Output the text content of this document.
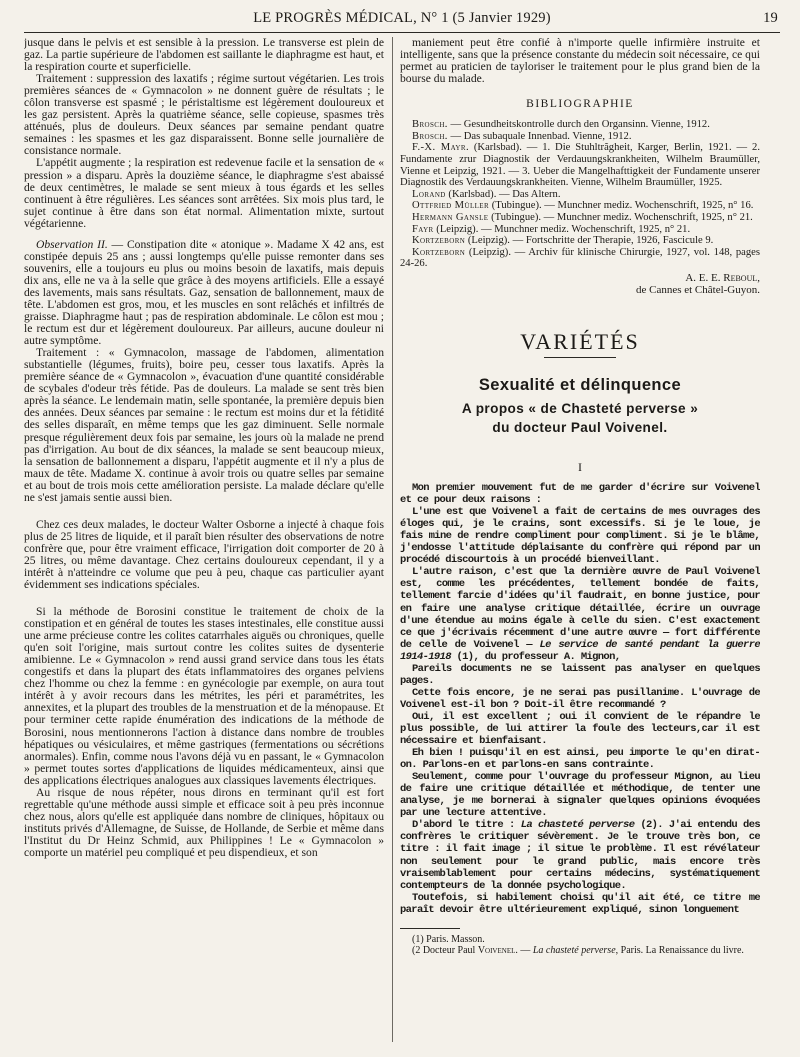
LE PROGRÈS MÉDICAL, N° 1 (5 Janvier 1929)	19

jusque dans le pelvis et est sensible à la pression. Le transverse est plein de gaz. La partie supérieure de l'abdomen est saillante le diaphragme est haut, et la respiration courte et superficielle.

Traitement : suppression des laxatifs ; régime surtout végétarien. Les trois premières séances de « Gymnacolon » ne donnent guère de résultats ; le côlon transverse est spasmé ; le péristaltisme est légèrement douloureux et les gaz persistent. Après la quatrième séance, selle copieuse, spasmes très atténués, plus de douleurs. Deux séances par semaine pendant quatre semaines : les spasmes et les gaz disparaissent. Bonne selle journalière de consistance normale.

L'appétit augmente ; la respiration est redevenue facile et la sensation de « pression » a disparu. Après la douzième séance, le diaphragme s'est abaissé de deux centimètres, le malade se sent mieux à tous égards et les selles continuent à être régulières. Les séances sont arrêtées. Six mois plus tard, le sujet continue à être dans son état normal. Alimentation mixte, surtout végétarienne.

Observation II. — Constipation dite « atonique ». Madame X 42 ans, est constipée depuis 25 ans ; aussi longtemps qu'elle puisse remonter dans ses souvenirs, elle a toujours eu plus ou moins besoin de laxatifs, mais depuis dix ans, elle ne va à la selle que grâce à des moyens artificiels. Elle a essayé des lavements, mais sans résultats. Gaz, sensation de ballonnement, maux de tête. L'abdomen est gros, mou, et les muscles en sont relâchés et infiltrés de graisse. Diaphragme haut ; pas de respiration abdominale. Le côlon est mou ; le rectum est dur et légèrement douloureux. Par ailleurs, aucune douleur ni autre symptôme.

Traitement : « Gymnacolon, massage de l'abdomen, alimentation substantielle (légumes, fruits), boire peu, cesser tous laxatifs. Après la première séance de « Gymnacolon », évacuation d'une quantité considérable de scybales d'odeur très fétide. Pas de douleurs. La malade se sent très bien après la séance. Le lendemain matin, selle spontanée, la première depuis bien des années. Deux séances par semaine : le rectum est moins dur et la fétidité des selles disparaît, en même temps que les gaz diminuent. Selle normale presque régulièrement deux fois par semaine, les jours où la malade ne prend pas d'irrigation. Au bout de dix séances, la malade se sent beaucoup mieux, la sensation de ballonnement a disparu, l'appétit augmente et il n'y a plus de maux de tête. Madame X. continue à avoir trois ou quatre selles par semaine et au bout de trois mois cette amélioration persiste. La malade déclare qu'elle ne s'est jamais sentie aussi bien.

Chez ces deux malades, le docteur Walter Osborne a injecté à chaque fois plus de 25 litres de liquide, et il paraît bien résulter des observations de notre confrère que, pour être vraiment efficace, l'irrigation doit comporter de 20 à 25 litres, ou même davantage. Chez certains douloureux cependant, il y a intérêt à n'atteindre ce volume que peu à peu, chaque cas particulier ayant évidemment ses indications spéciales.

Si la méthode de Borosini constitue le traitement de choix de la constipation et en général de toutes les stases intestinales, elle constitue aussi une arme précieuse contre les colites catarrhales aiguës ou chroniques, quelle qu'en soit l'origine, mais surtout contre les colites suites de dysenterie amibienne. Le « Gymnacolon » rend aussi grand service dans tous les états congestifs et dans la plupart des états inflammatoires des organes pelviens chez l'homme ou chez la femme : en gynécologie par exemple, on aura tout intérêt à y avoir recours dans les métrites, les péri et paramétrites, les annexites, et la plupart des troubles de la menstruation et de la ménopause. Et pour terminer cette rapide énumération des indications de la méthode de Borosini, nous mentionnerons l'action à distance dans nombre de troubles hépatiques ou vésiculaires, et même gastriques (fermentations ou sécrétions anormales). Enfin, comme nous l'avons déjà vu en passant, le « Gymnacolon » permet toutes sortes d'applications de liquides médicamenteux, ainsi que des applications électriques analogues aux classiques lavements électriques.

Au risque de nous répéter, nous dirons en terminant qu'il est fort regrettable qu'une méthode aussi simple et efficace soit à peu près inconnue chez nous, alors qu'elle est appliquée dans nombre de cliniques, hôpitaux ou instituts privés d'Allemagne, de Suisse, de Hollande, de Serbie et même dans l'Institut du Dr Heinz Schmid, aux Philippines ! Le « Gymnacolon » comporte un matériel peu compliqué et peu dispendieux, et son

maniement peut être confié à n'importe quelle infirmière instruite et intelligente, sans que la présence constante du médecin soit nécessaire, ce qui permet au praticien de tayloriser le traitement pour le plus grand bien de la bourse du malade.

BIBLIOGRAPHIE

Brosch. — Gesundheitskontrolle durch den Organsinn. Vienne, 1912.

Brosch. — Das subaquale Innenbad. Vienne, 1912.

F.-X. Mayr. (Karlsbad). — 1. Die Stuhltrãgheit, Karger, Berlin, 1921. — 2. Fundamente zrur Diagnostik der Verdauungskrankheiten, Wilhelm Braumüller, Vienne et Leipzig, 1921. — 3. Ueber die Mangelhafttigkeit der Fundamente unserer Diagnostik des Verdauungskrankheiten. Vienne, Wilhelm Braumüller, 1925.

Lorand (Karlsbad). — Das Altern.

Ottfried Müller (Tubingue). — Munchner mediz. Wochenschrift, 1925, n° 16.

Hermann Gansle (Tubingue). — Munchner mediz. Wochenschrift, 1925, n° 21.

Fayr (Leipzig). — Munchner mediz. Wochenschrift, 1925, n° 21.

Kortzeborn (Leipzig). — Fortschritte der Therapie, 1926, Fascicule 9.

Kortzeborn (Leipzig). — Archiv für klinische Chirurgie, 1927, vol. 148, pages 24-26.

A. E. E. Reboul,
de Cannes et Châtel-Guyon.
VARIÉTÉS
Sexualité et délinquence
A propos « de Chasteté perverse »
du docteur Paul Voivenel.
I

Mon premier mouvement fut de me garder d'écrire sur Voivenel et ce pour deux raisons :

L'une est que Voivenel a fait de certains de mes ouvrages des éloges qui, je le crains, sont excessifs. Si je le loue, je fais mine de rendre compliment pour compliment. Si je le blâme, j'endosse l'attitude déplaisante du confrère qui répond par un procédé discourtois à un procédé bienveillant.

L'autre raison, c'est que la dernière œuvre de Paul Voivenel est, comme les précédentes, tellement bondée de faits, tellement farcie d'idées qu'il faudrait, en bonne justice, pour en faire une analyse critique détaillée, écrire un ouvrage d'une étendue au moins égale à celle du sien. C'est exactement ce que j'écrivais récemment d'une autre œuvre — fort différente de celle de Voivenel — Le service de santé pendant la guerre 1914-1918 (1), du professeur A. Mignon,

Pareils documents ne se laissent pas analyser en quelques pages.

Cette fois encore, je ne serai pas pusillanime. L'ouvrage de Voivenel est-il bon ? Doit-il être recommandé ?

Oui, il est excellent ; oui il convient de le répandre le plus possible, de lui attirer la foule des lecteurs,car il est nécessaire et bienfaisant.

Eh bien ! puisqu'il en est ainsi, peu importe le qu'en dirat-on. Parlons-en et parlons-en sans contrainte.

Seulement, comme pour l'ouvrage du professeur Mignon, au lieu de faire une critique détaillée et méthodique, de tenter une analyse, je me bornerai à signaler quelques opinions évoquées par une lecture attentive.

D'abord le titre : La chasteté perverse (2). J'ai entendu des confrères le critiquer sévèrement. Je le trouve très bon, ce titre : il fait image ; il situe le problème. Il est révélateur non seulement pour le grand public, mais encore très vraisemblablement pour certains médecins, systématiquement contempteurs de la donnée psychologique.

Toutefois, si habilement choisi qu'il ait été, ce titre me paraît devoir être ultérieurement expliqué, sinon longuement

(1) Paris. Masson.

(2 Docteur Paul Voivenel. — La chasteté perverse, Paris. La Renaissance du livre.
